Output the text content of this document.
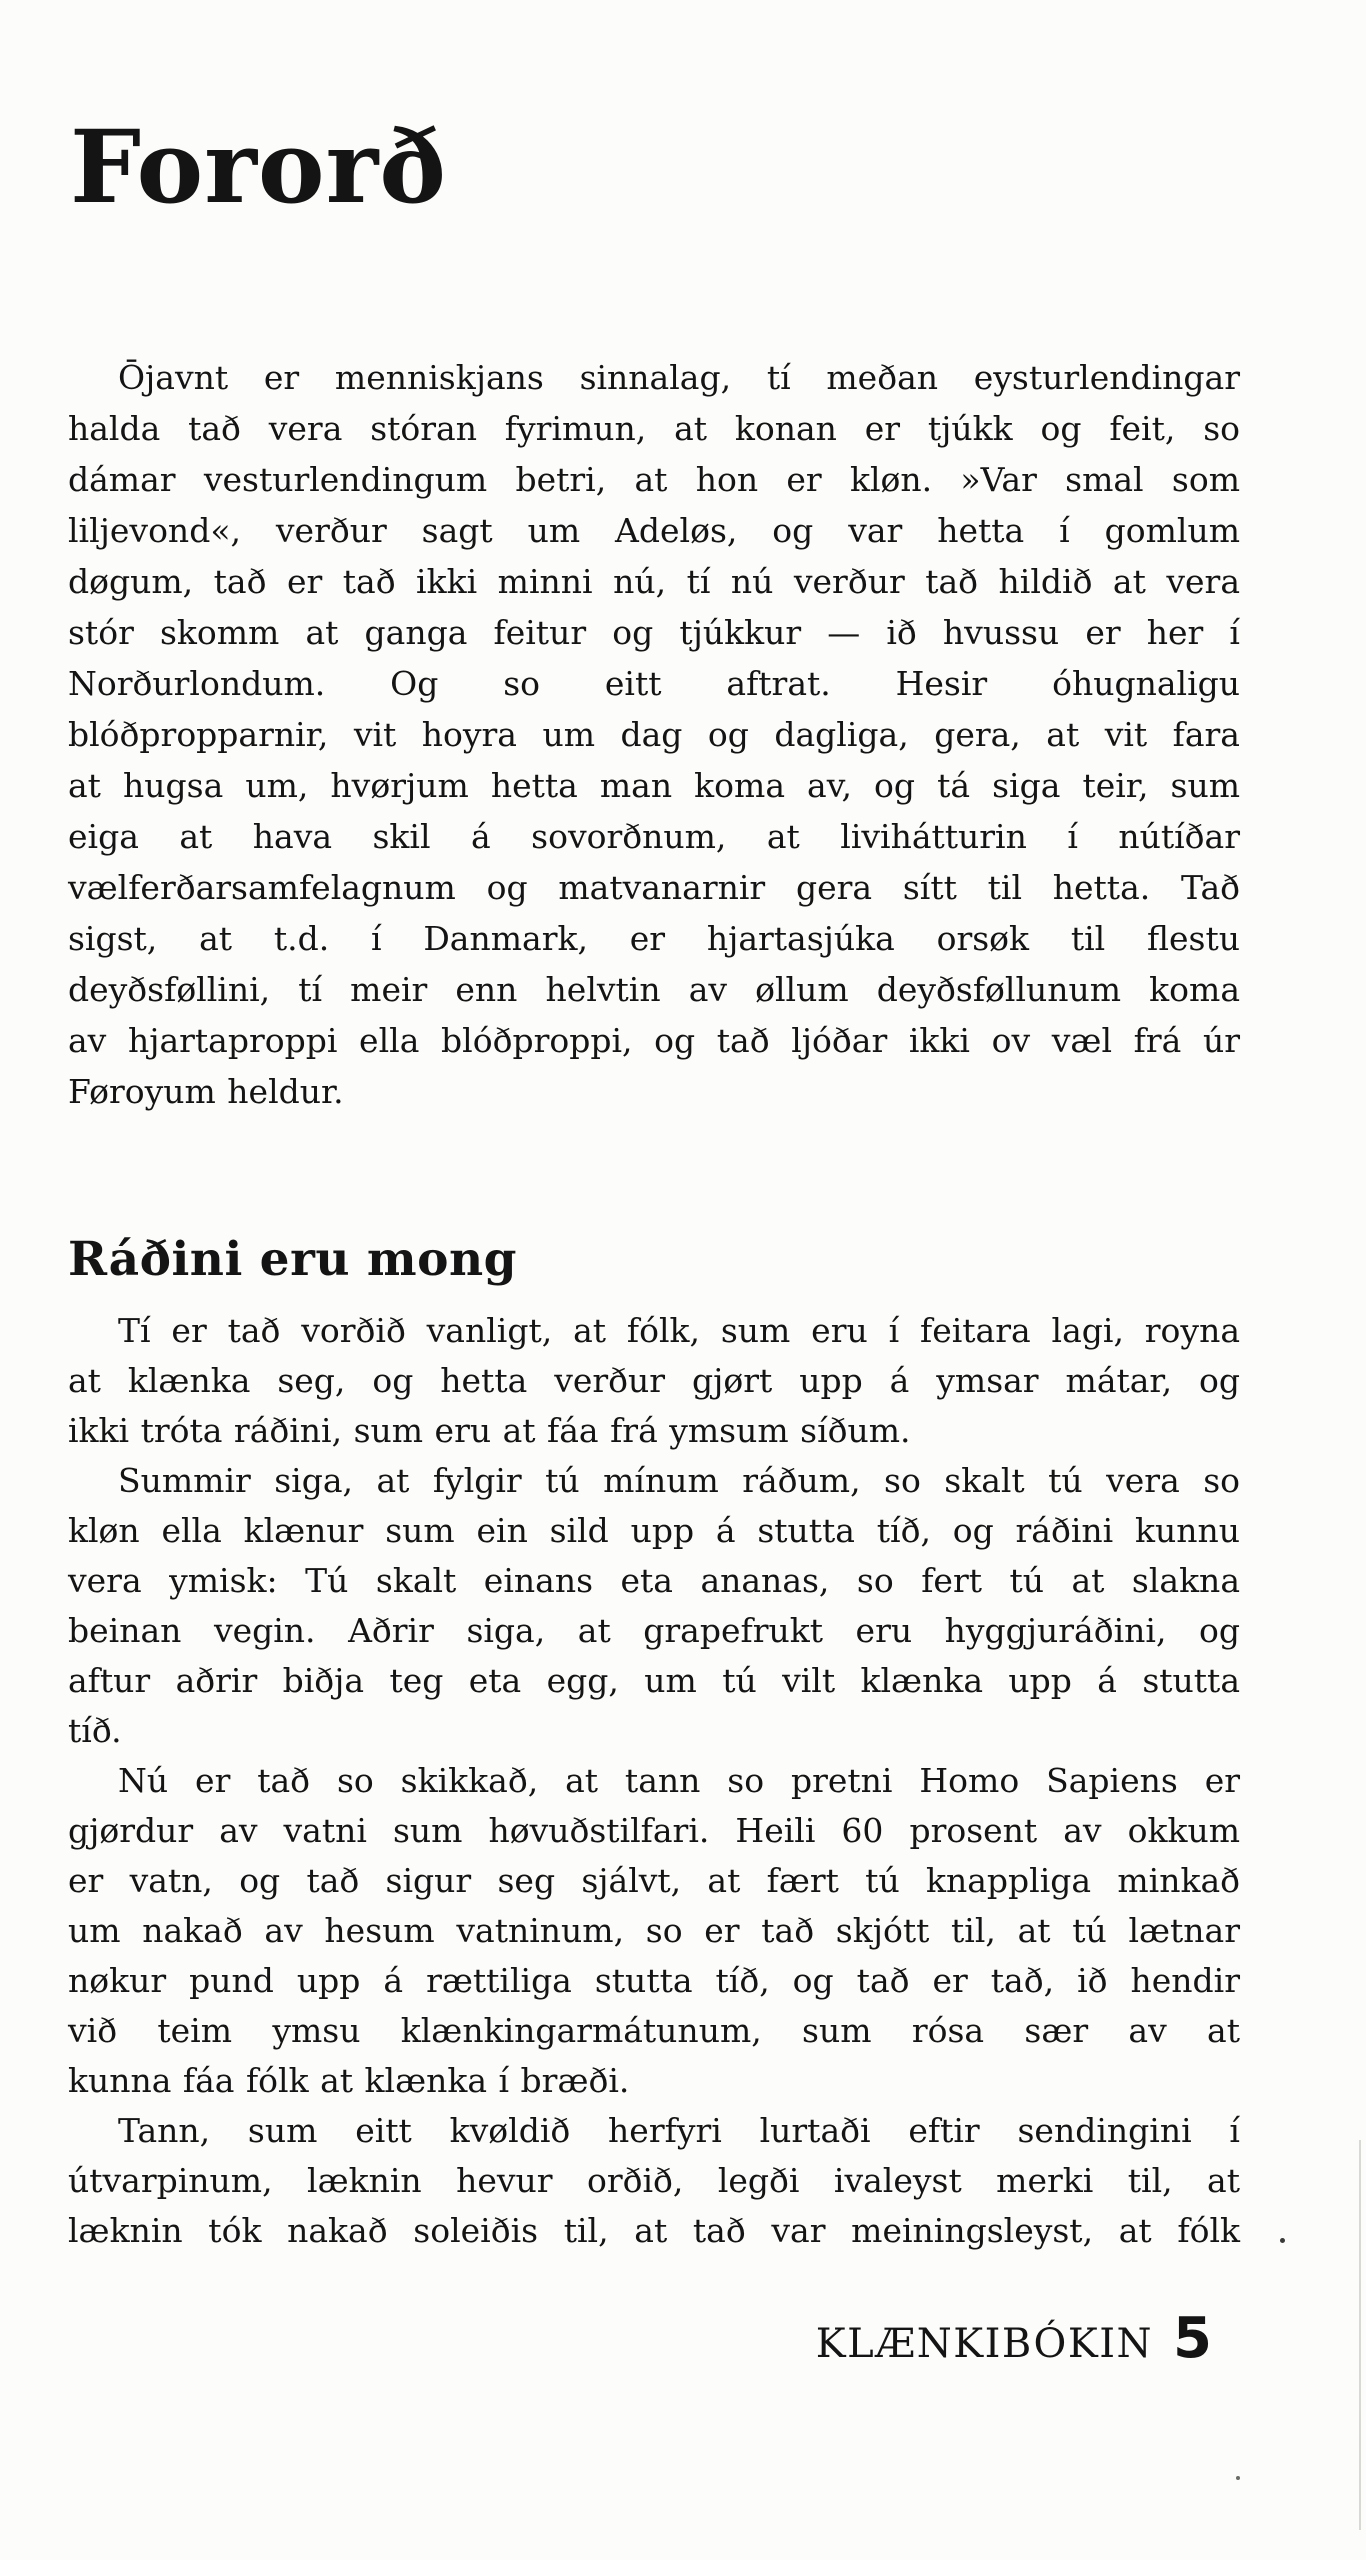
Fororð
Ōjavnt er menniskjans sinnalag, tí meðan eysturlendingar
halda tað vera stóran fyrimun, at konan er tjúkk og feit, so
dámar vesturlendingum betri, at hon er kløn. »Var smal som
liljevond«, verður sagt um Adeløs, og var hetta í gomlum
døgum, tað er tað ikki minni nú, tí nú verður tað hildið at vera
stór skomm at ganga feitur og tjúkkur — ið hvussu er her í
Norðurlondum. Og so eitt aftrat. Hesir óhugnaligu
blóðpropparnir, vit hoyra um dag og dagliga, gera, at vit fara
at hugsa um, hvørjum hetta man koma av, og tá siga teir, sum
eiga at hava skil á sovorðnum, at livihátturin í nútíðar
vælferðarsamfelagnum og matvanarnir gera sítt til hetta. Tað
sigst, at t.d. í Danmark, er hjartasjúka orsøk til flestu
deyðsføllini, tí meir enn helvtin av øllum deyðsføllunum koma
av hjartaproppi ella blóðproppi, og tað ljóðar ikki ov væl frá úr
Føroyum heldur.
Ráðini eru mong
Tí er tað vorðið vanligt, at fólk, sum eru í feitara lagi, royna
at klænka seg, og hetta verður gjørt upp á ymsar mátar, og
ikki tróta ráðini, sum eru at fáa frá ymsum síðum.
Summir siga, at fylgir tú mínum ráðum, so skalt tú vera so
kløn ella klænur sum ein sild upp á stutta tíð, og ráðini kunnu
vera ymisk: Tú skalt einans eta ananas, so fert tú at slakna
beinan vegin. Aðrir siga, at grapefrukt eru hyggjuráðini, og
aftur aðrir biðja teg eta egg, um tú vilt klænka upp á stutta
tíð.
Nú er tað so skikkað, at tann so pretni Homo Sapiens er
gjørdur av vatni sum høvuðstilfari. Heili 60 prosent av okkum
er vatn, og tað sigur seg sjálvt, at fært tú knappliga minkað
um nakað av hesum vatninum, so er tað skjótt til, at tú lætnar
nøkur pund upp á rættiliga stutta tíð, og tað er tað, ið hendir
við teim ymsu klænkingarmátunum, sum rósa sær av at
kunna fáa fólk at klænka í bræði.
Tann, sum eitt kvøldið herfyri lurtaði eftir sendingini í
útvarpinum, læknin hevur orðið, legði ivaleyst merki til, at
læknin tók nakað soleiðis til, at tað var meiningsleyst, at fólk
KLÆNKIBÓKIN 5
